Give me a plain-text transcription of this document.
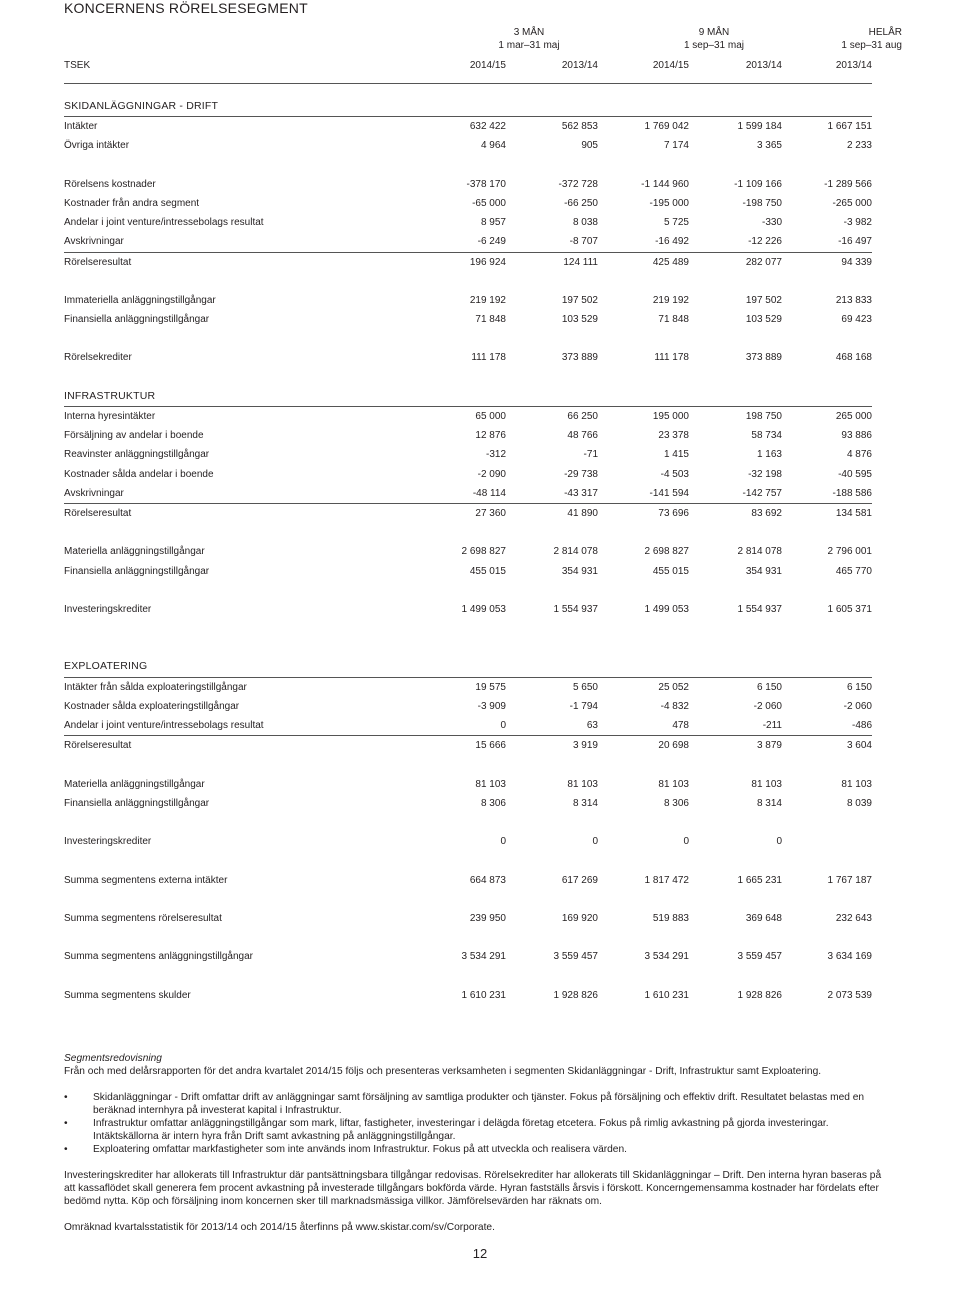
KONCERNENS RÖRELSESEGMENT
3 MÅN
1 mar–31 maj
9 MÅN
1 sep–31 maj
HELÅR
1 sep–31 aug
TSEK	2014/15	2013/14	2014/15	2013/14	2013/14
SKIDANLÄGGNINGAR - DRIFT
Intäkter	632 422	562 853	1 769 042	1 599 184	1 667 151
Övriga intäkter	4 964	905	7 174	3 365	2 233
Rörelsens kostnader	-378 170	-372 728	-1 144 960	-1 109 166	-1 289 566
Kostnader från andra segment	-65 000	-66 250	-195 000	-198 750	-265 000
Andelar i joint venture/intressebolags resultat	8 957	8 038	5 725	-330	-3 982
Avskrivningar	-6 249	-8 707	-16 492	-12 226	-16 497
Rörelseresultat	196 924	124 111	425 489	282 077	94 339
Immateriella anläggningstillgångar	219 192	197 502	219 192	197 502	213 833
Finansiella anläggningstillgångar	71 848	103 529	71 848	103 529	69 423
Rörelsekrediter	111 178	373 889	111 178	373 889	468 168
INFRASTRUKTUR
Interna hyresintäkter	65 000	66 250	195 000	198 750	265 000
Försäljning av andelar i boende	12 876	48 766	23 378	58 734	93 886
Reavinster anläggningstillgångar	-312	-71	1 415	1 163	4 876
Kostnader sålda andelar i boende	-2 090	-29 738	-4 503	-32 198	-40 595
Avskrivningar	-48 114	-43 317	-141 594	-142 757	-188 586
Rörelseresultat	27 360	41 890	73 696	83 692	134 581
Materiella anläggningstillgångar	2 698 827	2 814 078	2 698 827	2 814 078	2 796 001
Finansiella anläggningstillgångar	455 015	354 931	455 015	354 931	465 770
Investeringskrediter	1 499 053	1 554 937	1 499 053	1 554 937	1 605 371
EXPLOATERING
Intäkter från sålda exploateringstillgångar	19 575	5 650	25 052	6 150	6 150
Kostnader sålda exploateringstillgångar	-3 909	-1 794	-4 832	-2 060	-2 060
Andelar i joint venture/intressebolags resultat	0	63	478	-211	-486
Rörelseresultat	15 666	3 919	20 698	3 879	3 604
Materiella anläggningstillgångar	81 103	81 103	81 103	81 103	81 103
Finansiella anläggningstillgångar	8 306	8 314	8 306	8 314	8 039
Investeringskrediter	0	0	0	0
Summa segmentens externa intäkter	664 873	617 269	1 817 472	1 665 231	1 767 187
Summa segmentens rörelseresultat	239 950	169 920	519 883	369 648	232 643
Summa segmentens anläggningstillgångar	3 534 291	3 559 457	3 534 291	3 559 457	3 634 169
Summa segmentens skulder	1 610 231	1 928 826	1 610 231	1 928 826	2 073 539

Segmentsredovisning

Från och med delårsrapporten för det andra kvartalet 2014/15 följs och presenteras verksamheten i segmenten Skidanläggningar - Drift, Infrastruktur samt Exploatering.

• Skidanläggningar - Drift omfattar drift av anläggningar samt försäljning av samtliga produkter och tjänster. Fokus på försäljning och effektiv drift. Resultatet belastas med en beräknad internhyra på investerat kapital i Infrastruktur.
• Infrastruktur omfattar anläggningstillgångar som mark, liftar, fastigheter, investeringar i delägda företag etcetera. Fokus på rimlig avkastning på gjorda investeringar. Intäktskällorna är intern hyra från Drift samt avkastning på anläggningstillgångar.
• Exploatering omfattar markfastigheter som inte används inom Infrastruktur. Fokus på att utveckla och realisera värden.

Investeringskrediter har allokerats till Infrastruktur där pantsättningsbara tillgångar redovisas. Rörelsekrediter har allokerats till Skidanläggningar – Drift. Den interna hyran baseras på att kassaflödet skall generera fem procent avkastning på investerade tillgångars bokförda värde. Hyran fastställs årsvis i förskott. Koncerngemensamma kostnader har fördelats efter bedömd nytta. Köp och försäljning inom koncernen sker till marknadsmässiga villkor. Jämförelsevärden har räknats om.

Omräknad kvartalsstatistik för 2013/14 och 2014/15 återfinns på www.skistar.com/sv/Corporate.

12
